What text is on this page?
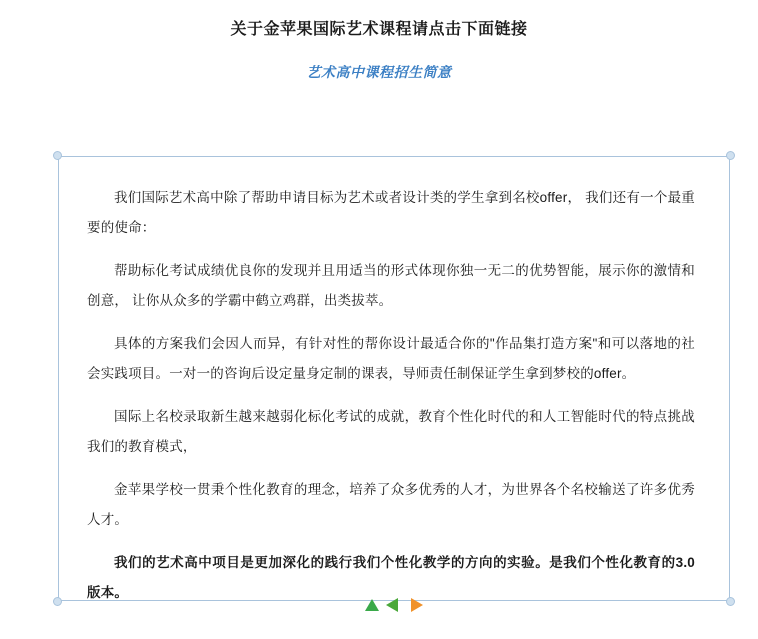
关于金苹果国际艺术课程请点击下面链接
艺术高中课程招生简意

我们国际艺术高中除了帮助申请目标为艺术或者设计类的学生拿到名校offer， 我们还有一个最重要的使命：

帮助标化考试成绩优良你的发现并且用适当的形式体现你独一无二的优势智能，展示你的激情和创意， 让你从众多的学霸中鹤立鸡群，出类拔萃。

具体的方案我们会因人而异，有针对性的帮你设计最适合你的"作品集打造方案"和可以落地的社会实践项目。一对一的咨询后设定量身定制的课表，导师责任制保证学生拿到梦校的offer。

国际上名校录取新生越来越弱化标化考试的成就，教育个性化时代的和人工智能时代的特点挑战我们的教育模式，

金苹果学校一贯秉个性化教育的理念，培养了众多优秀的人才，为世界各个名校输送了许多优秀人才。

我们的艺术高中项目是更加深化的践行我们个性化教学的方向的实验。是我们个性化教育的3.0 版本。
